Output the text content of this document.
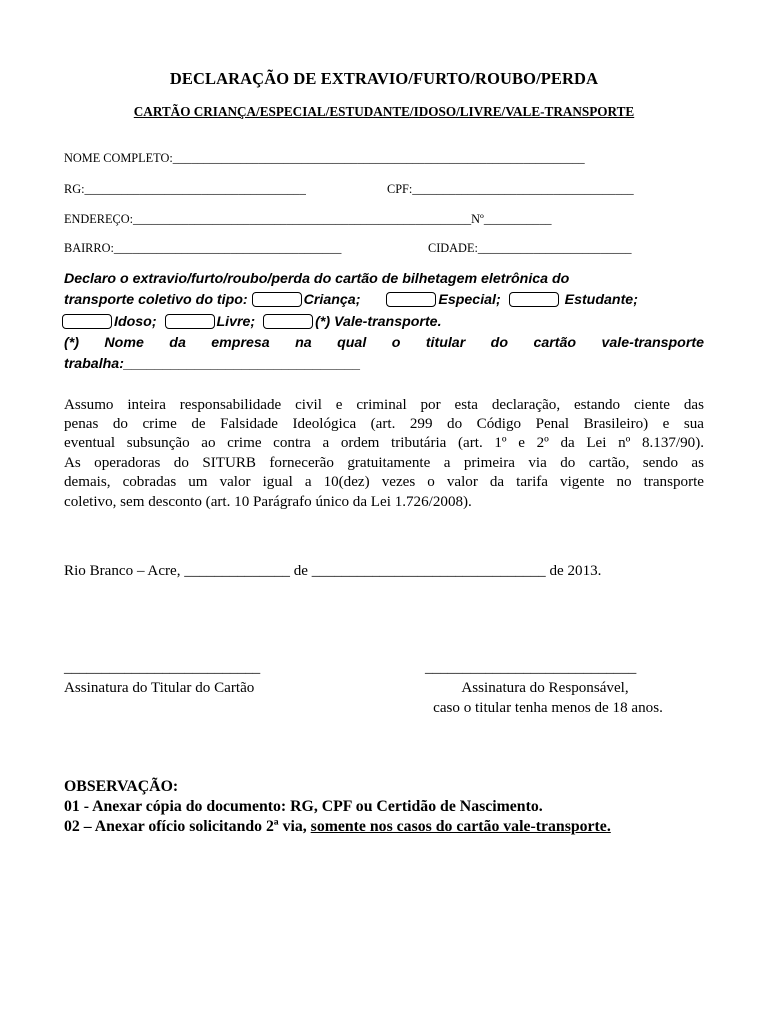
DECLARAÇÃO DE EXTRAVIO/FURTO/ROUBO/PERDA
CARTÃO CRIANÇA/ESPECIAL/ESTUDANTE/IDOSO/LIVRE/VALE-TRANSPORTE
NOME COMPLETO:___________________________________________________________________
RG:____________________________________	CPF:____________________________________
ENDEREÇO:_______________________________________________________Nº___________
BAIRRO:_____________________________________	CIDADE:_________________________
Declaro o extravio/furto/roubo/perda do cartão de bilhetagem eletrônica do
transporte coletivo do tipo:	Criança;	Especial;	Estudante;
Idoso;	Livre;	(*) Vale-transporte.
(*) Nome da empresa na qual o titular do cartão vale-transporte
trabalha:______________________________
Assumo inteira responsabilidade civil e criminal por esta declaração, estando ciente das
penas do crime de Falsidade Ideológica (art. 299 do Código Penal Brasileiro) e sua
eventual subsunção ao crime contra a ordem tributária (art. 1º e 2º da Lei nº 8.137/90).
As operadoras do SITURB fornecerão gratuitamente a primeira via do cartão, sendo as
demais, cobradas um valor igual a 10(dez) vezes o valor da tarifa vigente no transporte
coletivo, sem desconto (art. 10 Parágrafo único da Lei 1.726/2008).
Rio Branco – Acre, ______________ de _______________________________ de 2013.
__________________________
Assinatura do Titular do Cartão
____________________________
Assinatura do Responsável,
caso o titular tenha menos de 18 anos.
OBSERVAÇÃO:
01 - Anexar cópia do documento: RG, CPF ou Certidão de Nascimento.
02 – Anexar ofício solicitando 2ª via, somente nos casos do cartão vale-transporte.
